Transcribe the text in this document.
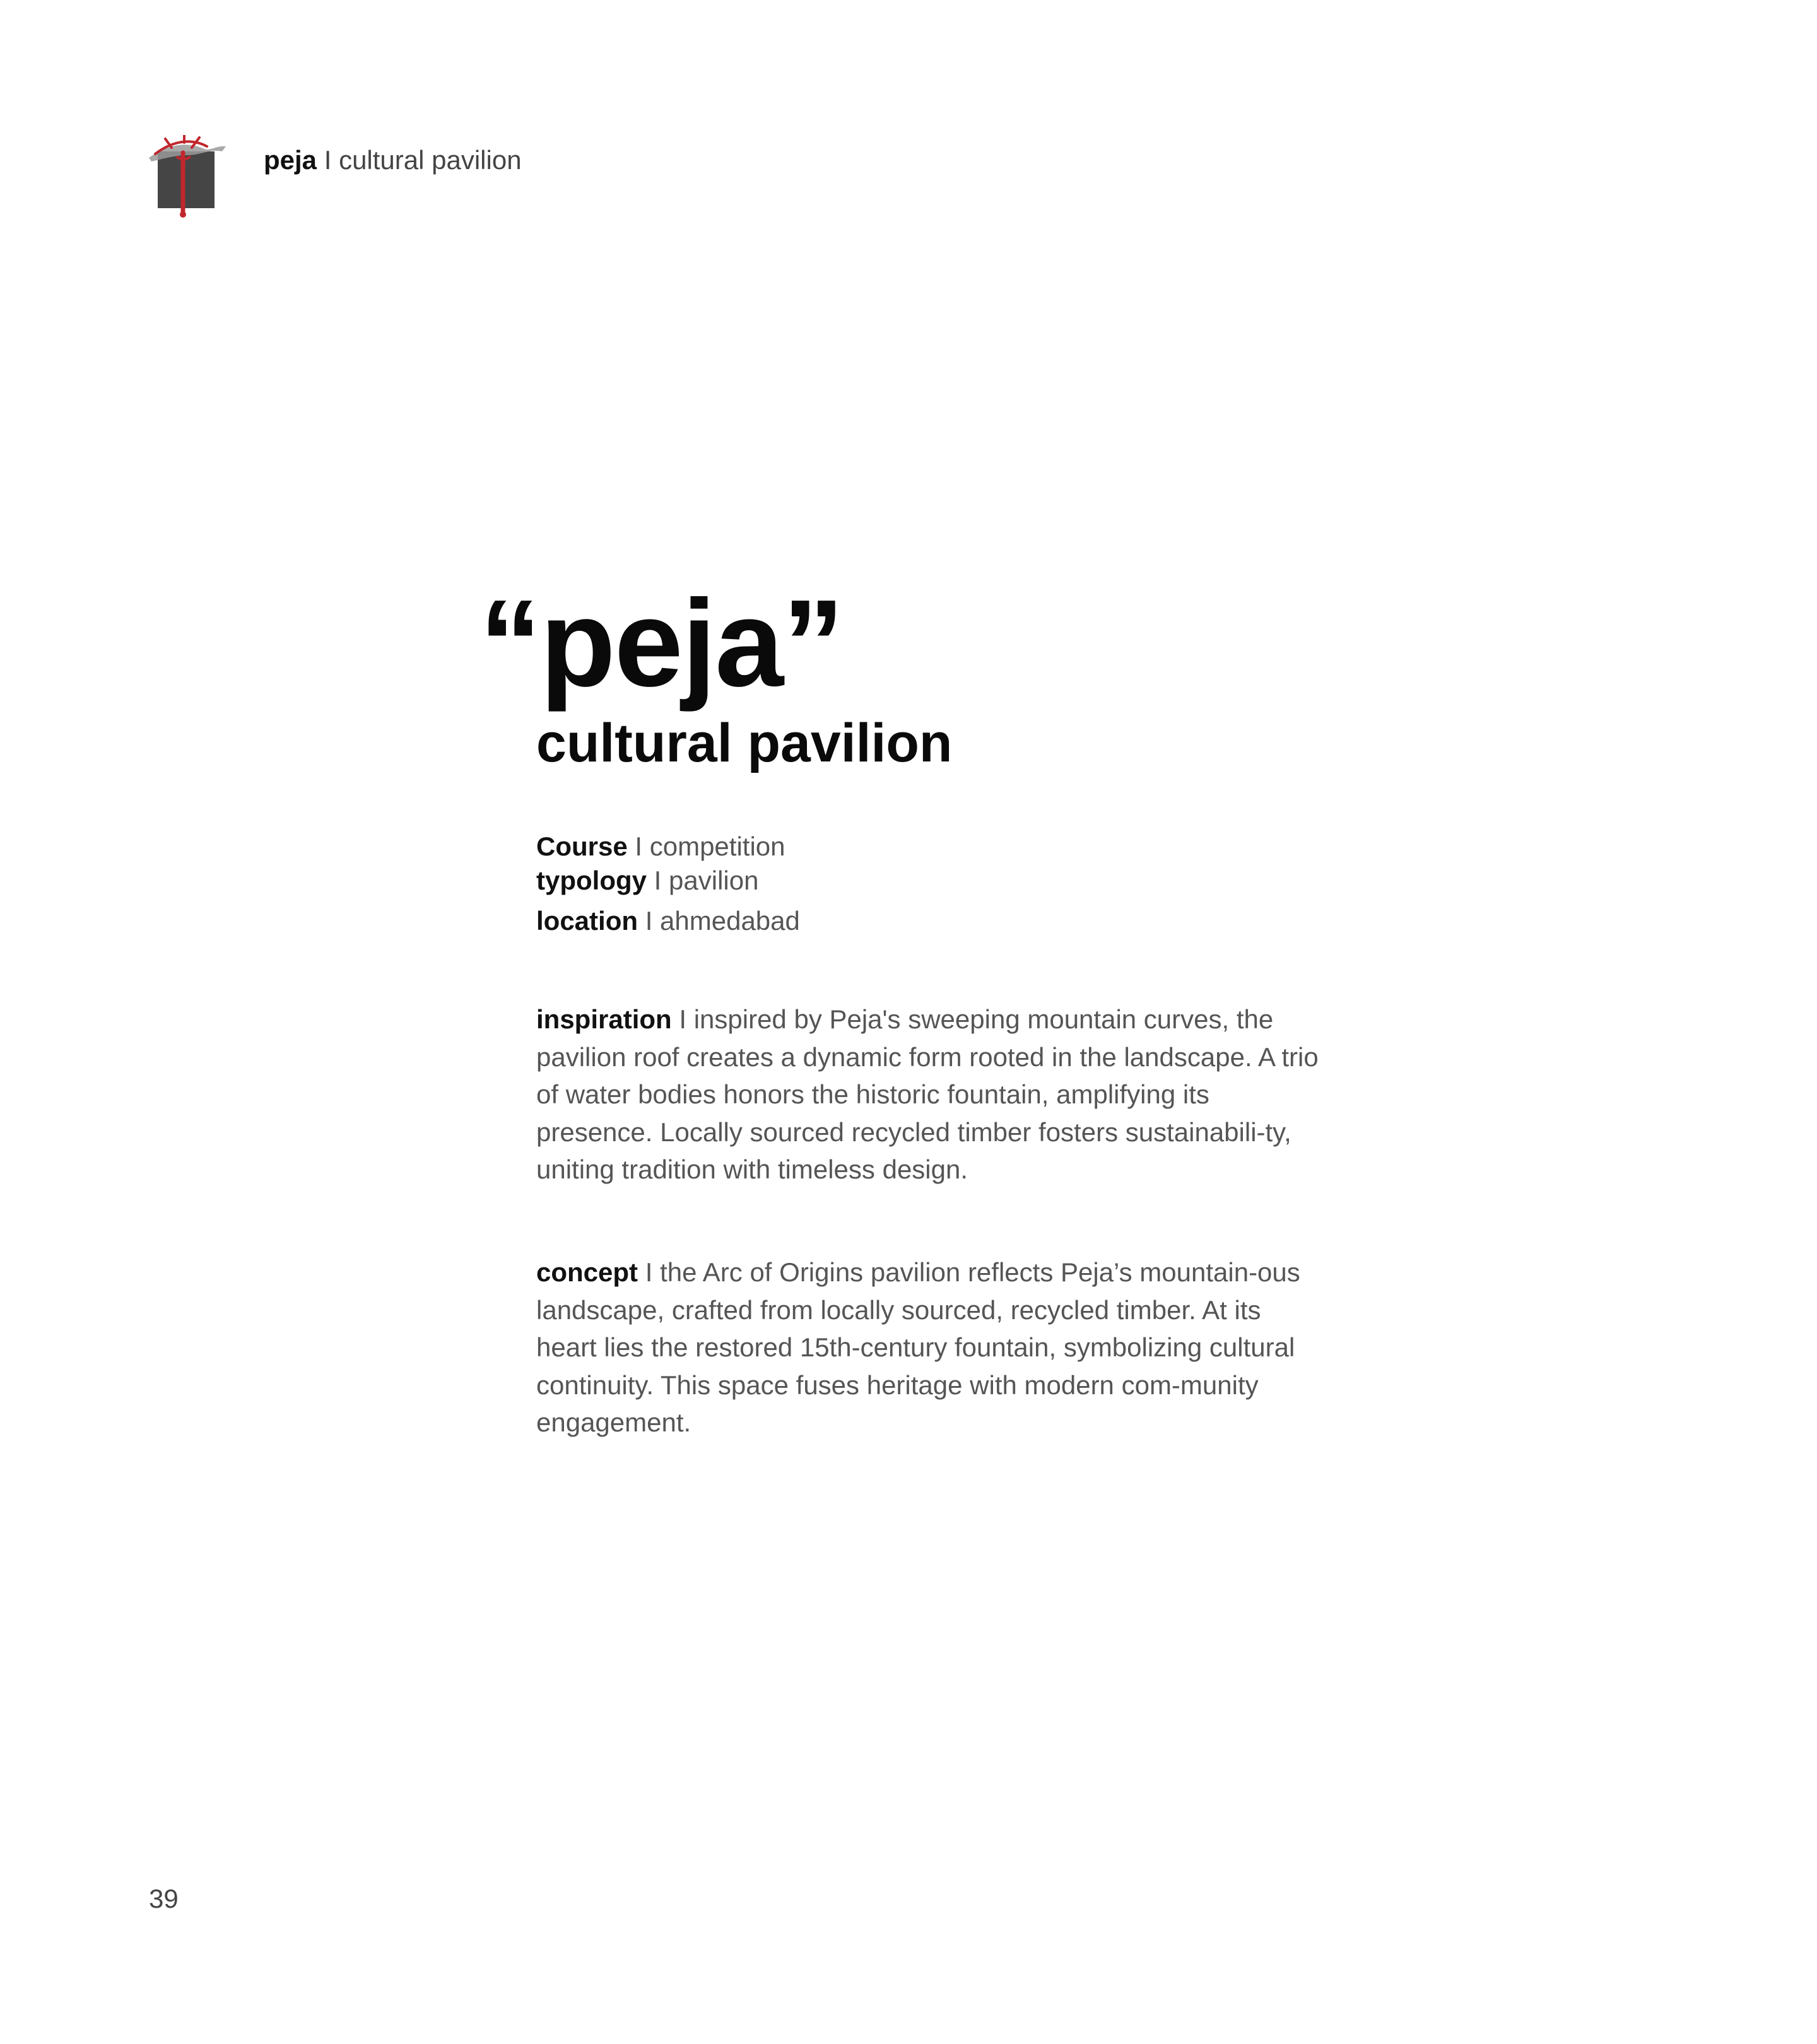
peja I cultural pavilion
“peja”
cultural pavilion
Course I competition
typology I pavilion
location I ahmedabad
inspiration I inspired by Peja's sweeping mountain curves, the pavilion roof creates a dynamic form rooted in the landscape. A trio of water bodies honors the historic fountain, amplifying its presence. Locally sourced recycled timber fosters sustainabili-ty, uniting tradition with timeless design.
concept I the Arc of Origins pavilion reflects Peja’s mountain-ous landscape, crafted from locally sourced, recycled timber. At its heart lies the restored 15th-century fountain, symbolizing cultural continuity. This space fuses heritage with modern com-munity engagement.
39
